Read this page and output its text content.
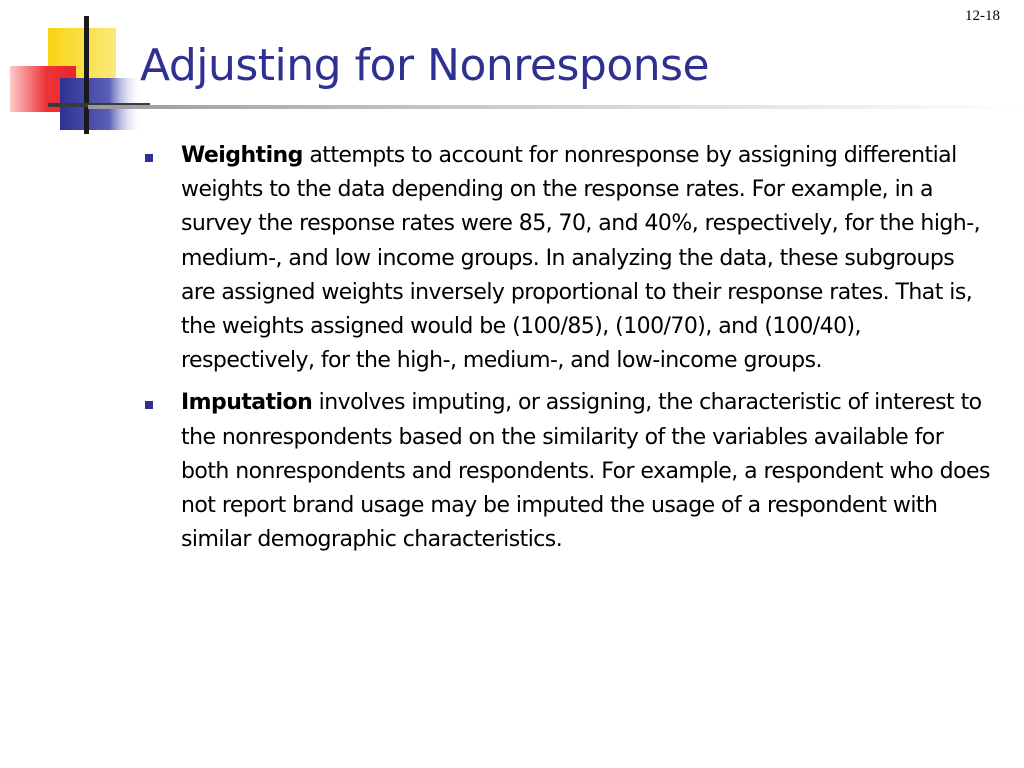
12-18
Adjusting for Nonresponse
Weighting attempts to account for nonresponse by assigning differential weights to the data depending on the response rates. For example, in a survey the response rates were 85, 70, and 40%, respectively, for the high-, medium-, and low income groups. In analyzing the data, these subgroups are assigned weights inversely proportional to their response rates. That is, the weights assigned would be (100/85), (100/70), and (100/40), respectively, for the high-, medium-, and low-income groups.
Imputation involves imputing, or assigning, the characteristic of interest to the nonrespondents based on the similarity of the variables available for both nonrespondents and respondents. For example, a respondent who does not report brand usage may be imputed the usage of a respondent with similar demographic characteristics.
